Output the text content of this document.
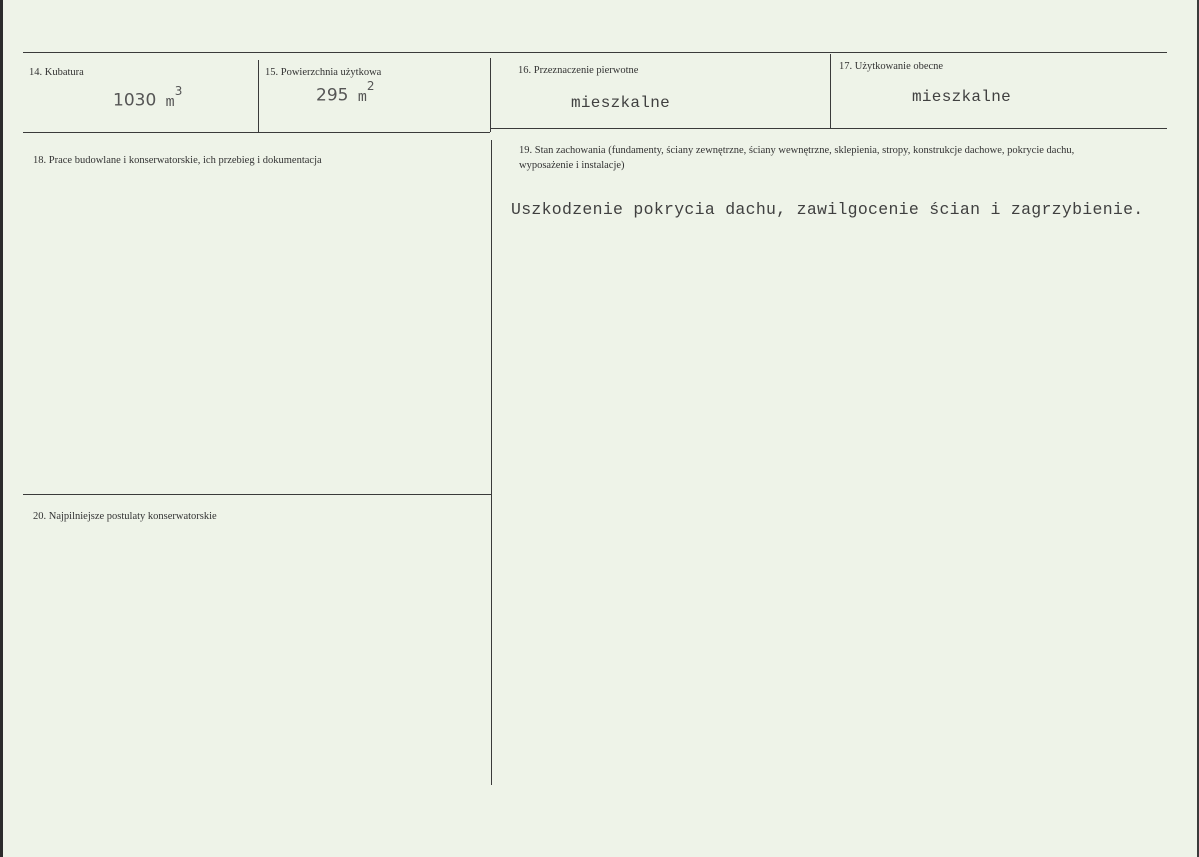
14. Kubatura
1030 $m^3$
15. Powierzchnia użytkowa
295 $m^2$
16. Przeznaczenie pierwotne
mieszkalne
17. Użytkowanie obecne
mieszkalne
18. Prace budowlane i konserwatorskie, ich przebieg i dokumentacja
19. Stan zachowania (fundamenty, ściany zewnętrzne, ściany wewnętrzne, sklepienia, stropy, konstrukcje dachowe, pokrycie dachu, wyposażenie i instalacje)
Uszkodzenie pokrycia dachu, zawilgocenie ścian i zagrzybienie.
20. Najpilniejsze postulaty konserwatorskie
